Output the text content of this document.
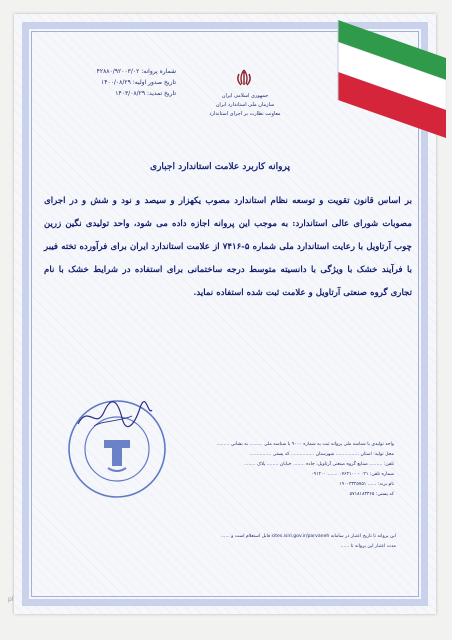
شماره پروانه: ۴۲۸۸۰/۹۲۰۰۳/۰۲
تاریخ صدور اولیه: ۱۴۰۰/۰۸/۲۹
تاریخ تمدید: ۱۴۰۳/۰۸/۲۹	جمهوری اسلامی ایران
سازمان ملی استاندارد ایران
معاونت نظارت بر اجرای استاندارد
پروانه کاربرد علامت استاندارد اجباری
بر اساس قانون تقویت و توسعه نظام استاندارد مصوب یکهزار و سیصد و نود و شش و در اجرای مصوبات شورای عالی استاندارد: به موجب این پروانه اجازه داده می شود، واحد تولیدی نگین زرین چوب آرتاویل با رعایت استاندارد ملی شماره ۵-۷۴۱۶ از علامت استاندارد ایران برای فرآورده تخته فیبر با فرآیند خشک با ویژگی با دانسیته متوسط درجه ساختمانی برای استفاده در شرایط خشک با نام تجاری گروه صنعتی آرتاویل و علامت ثبت شده استفاده نماید.
واحد تولیدی با شناسه ملی پروانه ثبت به شماره ۹۰۰۰ با شناسه ملی ......... به نشانی .........
محل تولید: استان ................ شهرستان ................ کد پستی ...............
تلفن: ......... صنایع گروه صنعتی آرتاویل، جاده ........ خیابان ........ پلاک ........
شماره تلفن: ۰۲۱ - ۰۷۶۲۱۰۰ ....... ۰۹۱۲۰۰
نام برند: ...... ۱۹۰۰۳۳۲۵۷۵۱
کد پستی: ۵۷۱۸۱۸۳۳۶۵
این پروانه تا تاریخ اعتبار در سامانه sites.isiri.gov.ir/parvaneh قابل استعلام است و ......
مدت اعتبار این پروانه تا ......
pl
